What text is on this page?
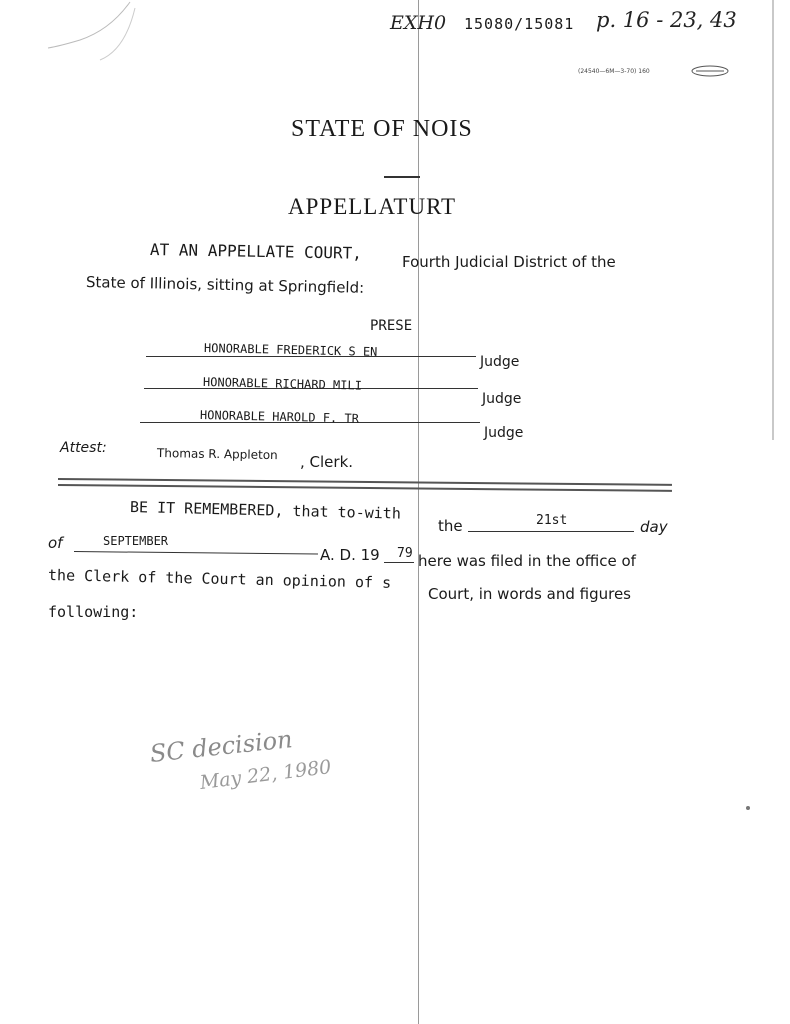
EXH0 15080/15081 p. 16 - 23, 43
(24540—6M—3-70) 160
STATE OF NOIS
APPELLATURT
AT AN APPELLATE COURT,	Fourth Judicial District of the
State of Illinois, sitting at Springfield:
PRESE
HONORABLE FREDERICK S EN
Judge
HONORABLE RICHARD MILI
Judge
HONORABLE HAROLD F. TR
Judge
Attest:	Thomas R. Appleton , Clerk.
BE IT REMEMBERED, that to-with
the	21st	day
of	SEPTEMBER
A. D. 19 79 here was filed in the office of
the Clerk of the Court an opinion of s
Court, in words and figures
following:
SC decision
May 22, 1980
